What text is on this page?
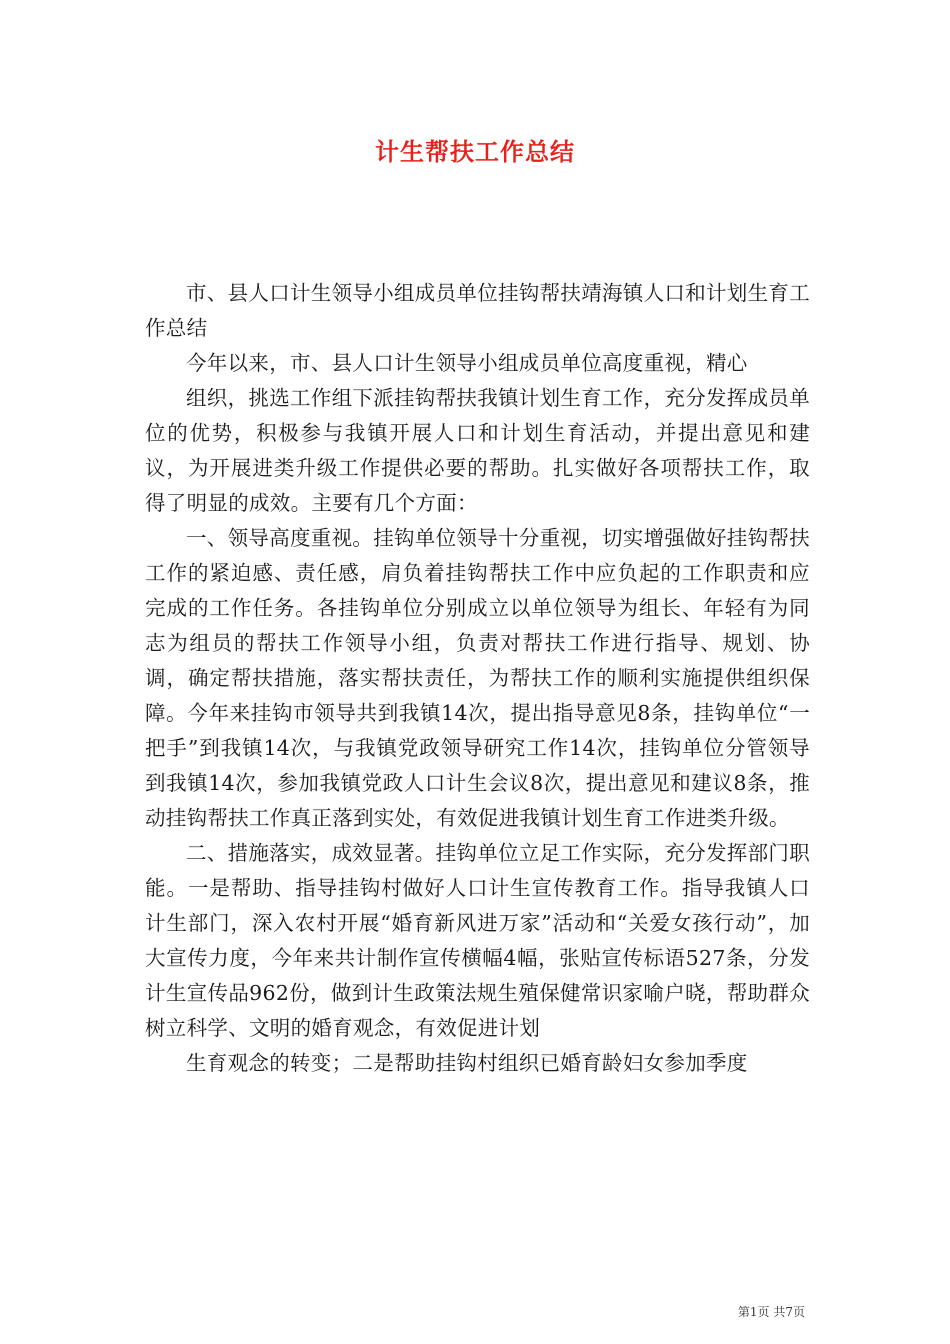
计生帮扶工作总结

市、县人口计生领导小组成员单位挂钩帮扶靖海镇人口和计划生育工作总结

今年以来，市、县人口计生领导小组成员单位高度重视，精心

组织，挑选工作组下派挂钩帮扶我镇计划生育工作，充分发挥成员单位的优势，积极参与我镇开展人口和计划生育活动，并提出意见和建议，为开展进类升级工作提供必要的帮助。扎实做好各项帮扶工作，取得了明显的成效。主要有几个方面：

一、领导高度重视。挂钩单位领导十分重视，切实增强做好挂钩帮扶工作的紧迫感、责任感，肩负着挂钩帮扶工作中应负起的工作职责和应完成的工作任务。各挂钩单位分别成立以单位领导为组长、年轻有为同志为组员的帮扶工作领导小组，负责对帮扶工作进行指导、规划、协调，确定帮扶措施，落实帮扶责任，为帮扶工作的顺利实施提供组织保障。今年来挂钩市领导共到我镇14次，提出指导意见8条，挂钩单位“一把手”到我镇14次，与我镇党政领导研究工作14次，挂钩单位分管领导到我镇14次，参加我镇党政人口计生会议8次，提出意见和建议8条，推动挂钩帮扶工作真正落到实处，有效促进我镇计划生育工作进类升级。

二、措施落实，成效显著。挂钩单位立足工作实际，充分发挥部门职能。一是帮助、指导挂钩村做好人口计生宣传教育工作。指导我镇人口计生部门，深入农村开展“婚育新风进万家”活动和“关爱女孩行动”，加大宣传力度，今年来共计制作宣传横幅4幅，张贴宣传标语527条，分发计生宣传品962份，做到计生政策法规生殖保健常识家喻户晓，帮助群众树立科学、文明的婚育观念，有效促进计划

生育观念的转变；二是帮助挂钩村组织已婚育龄妇女参加季度

第1页 共7页
